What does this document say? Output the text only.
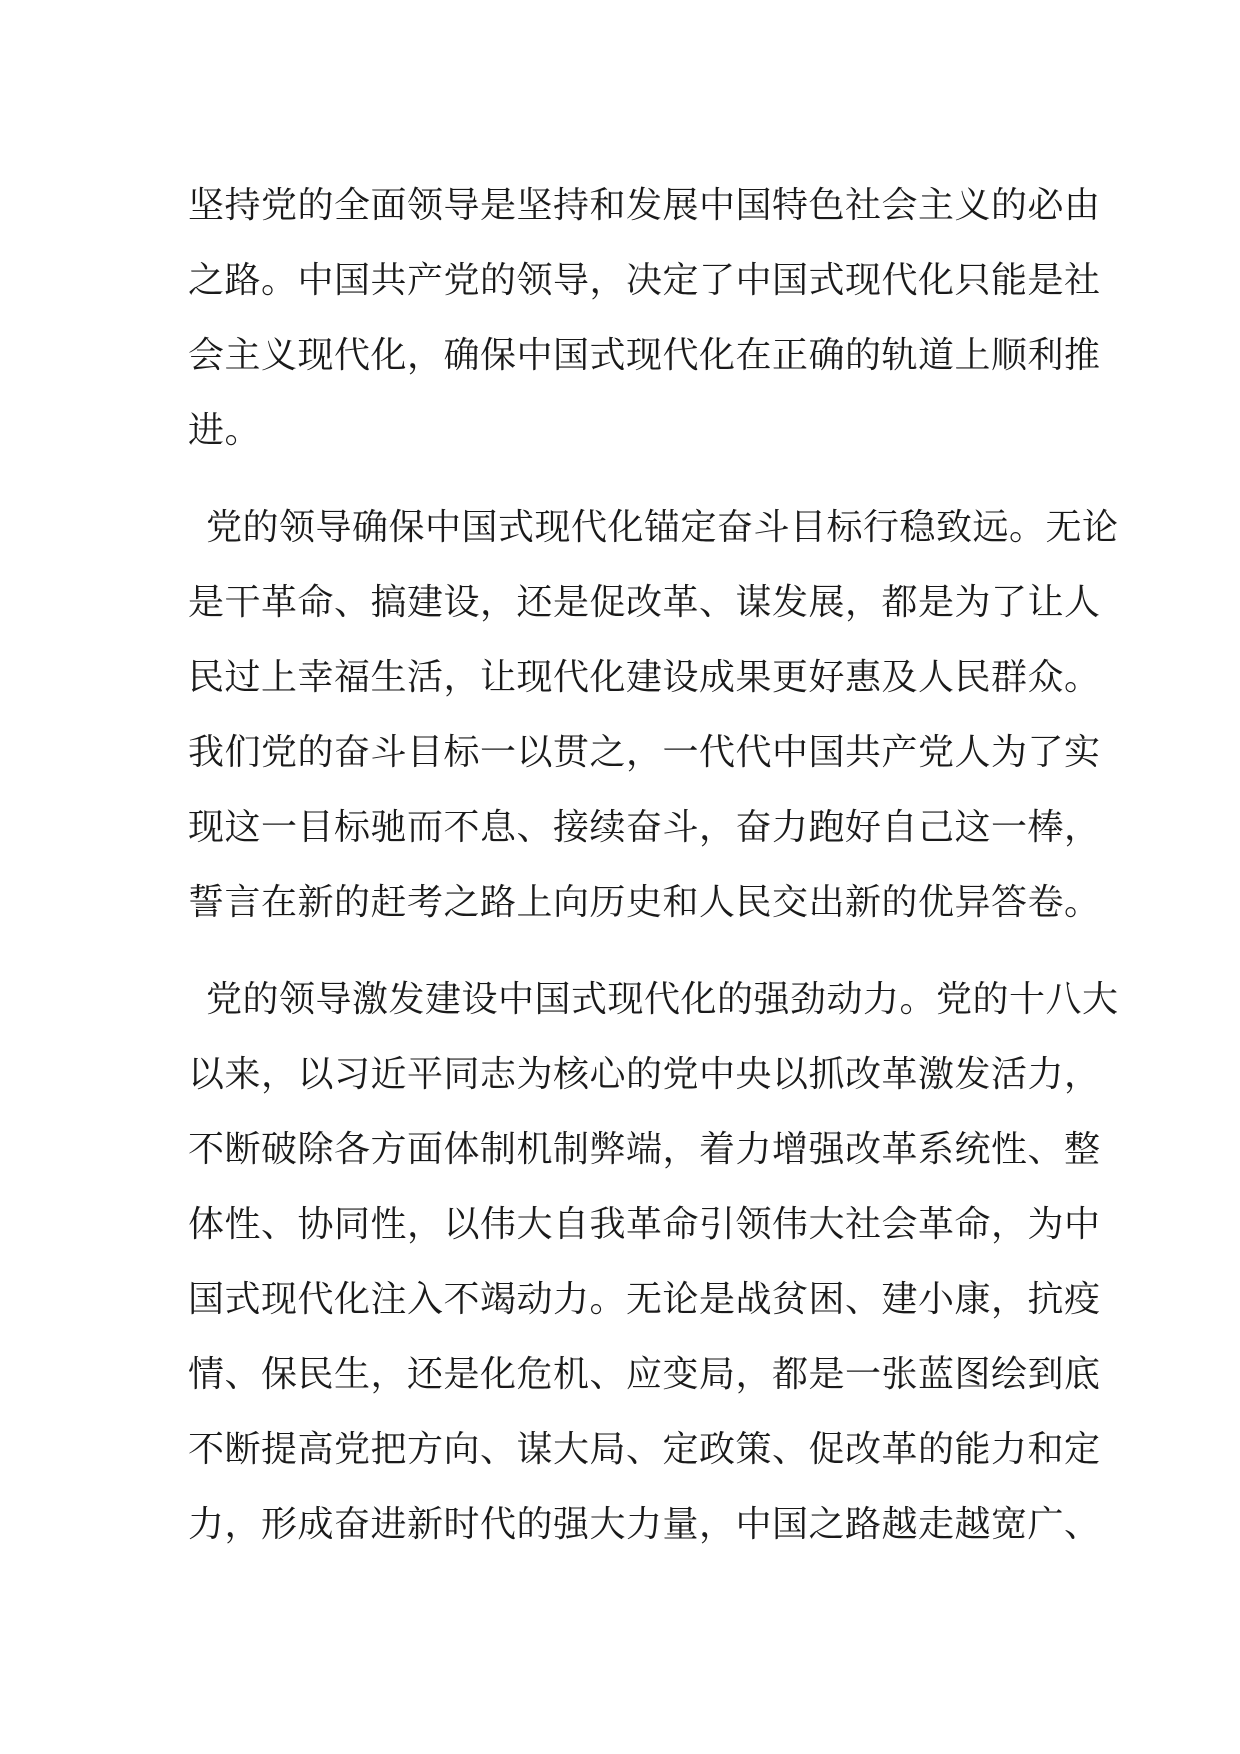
坚持党的全面领导是坚持和发展中国特色社会主义的必由
之路。中国共产党的领导，决定了中国式现代化只能是社
会主义现代化，确保中国式现代化在正确的轨道上顺利推
进。
党的领导确保中国式现代化锚定奋斗目标行稳致远。无论
是干革命、搞建设，还是促改革、谋发展，都是为了让人
民过上幸福生活，让现代化建设成果更好惠及人民群众。
我们党的奋斗目标一以贯之，一代代中国共产党人为了实
现这一目标驰而不息、接续奋斗，奋力跑好自己这一棒，
誓言在新的赶考之路上向历史和人民交出新的优异答卷。
党的领导激发建设中国式现代化的强劲动力。党的十八大
以来，以习近平同志为核心的党中央以抓改革激发活力，
不断破除各方面体制机制弊端，着力增强改革系统性、整
体性、协同性，以伟大自我革命引领伟大社会革命，为中
国式现代化注入不竭动力。无论是战贫困、建小康，抗疫
情、保民生，还是化危机、应变局，都是一张蓝图绘到底
不断提高党把方向、谋大局、定政策、促改革的能力和定
力，形成奋进新时代的强大力量，中国之路越走越宽广、
